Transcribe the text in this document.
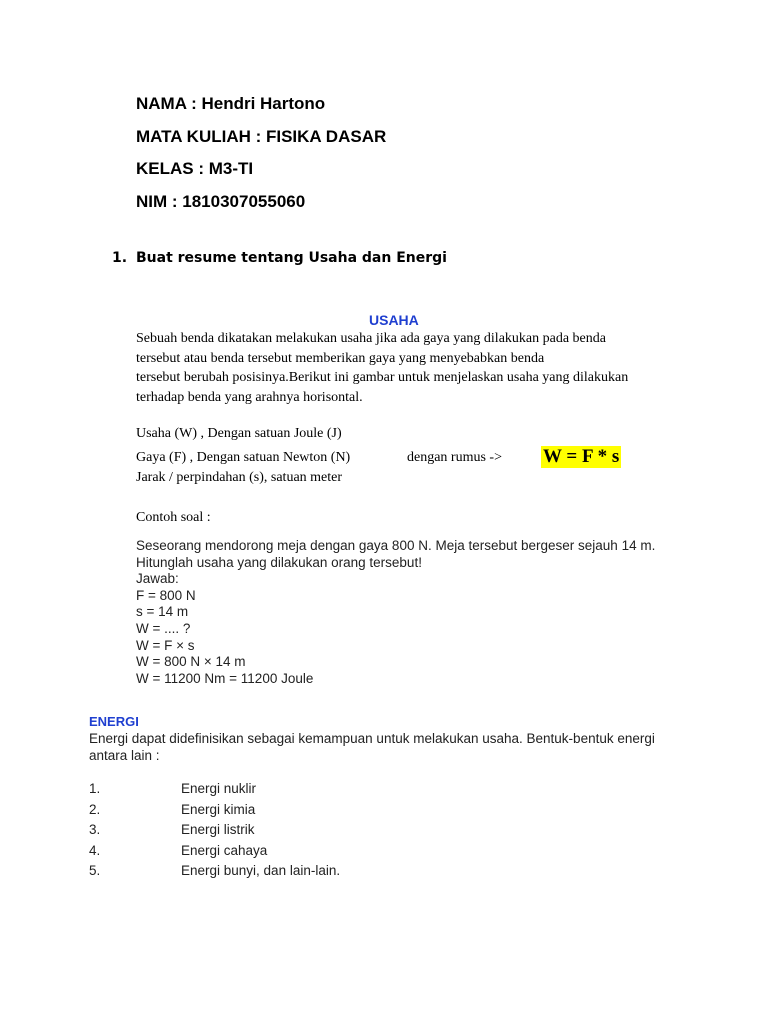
NAMA : Hendri Hartono
MATA KULIAH : FISIKA DASAR
KELAS : M3-TI
NIM : 1810307055060
1. Buat resume tentang Usaha dan Energi
USAHA
Sebuah benda dikatakan melakukan usaha jika ada gaya yang dilakukan pada benda
tersebut atau benda tersebut memberikan gaya yang menyebabkan benda
tersebut berubah posisinya.Berikut ini gambar untuk menjelaskan usaha yang dilakukan
terhadap benda yang arahnya horisontal.
Usaha (W) , Dengan satuan Joule (J)
Gaya (F) , Dengan satuan Newton (N)	dengan rumus -> W = F * s
Jarak / perpindahan (s), satuan meter
Contoh soal :
Seseorang mendorong meja dengan gaya 800 N. Meja tersebut bergeser sejauh 14 m.
Hitunglah usaha yang dilakukan orang tersebut!
Jawab:
F = 800 N
s = 14 m
W = .... ?
W = F × s
W = 800 N × 14 m
W = 11200 Nm = 11200 Joule
ENERGI
Energi dapat didefinisikan sebagai kemampuan untuk melakukan usaha. Bentuk-bentuk energi
antara lain :
1.	Energi nuklir
2.	Energi kimia
3.	Energi listrik
4.	Energi cahaya
5.	Energi bunyi, dan lain-lain.
